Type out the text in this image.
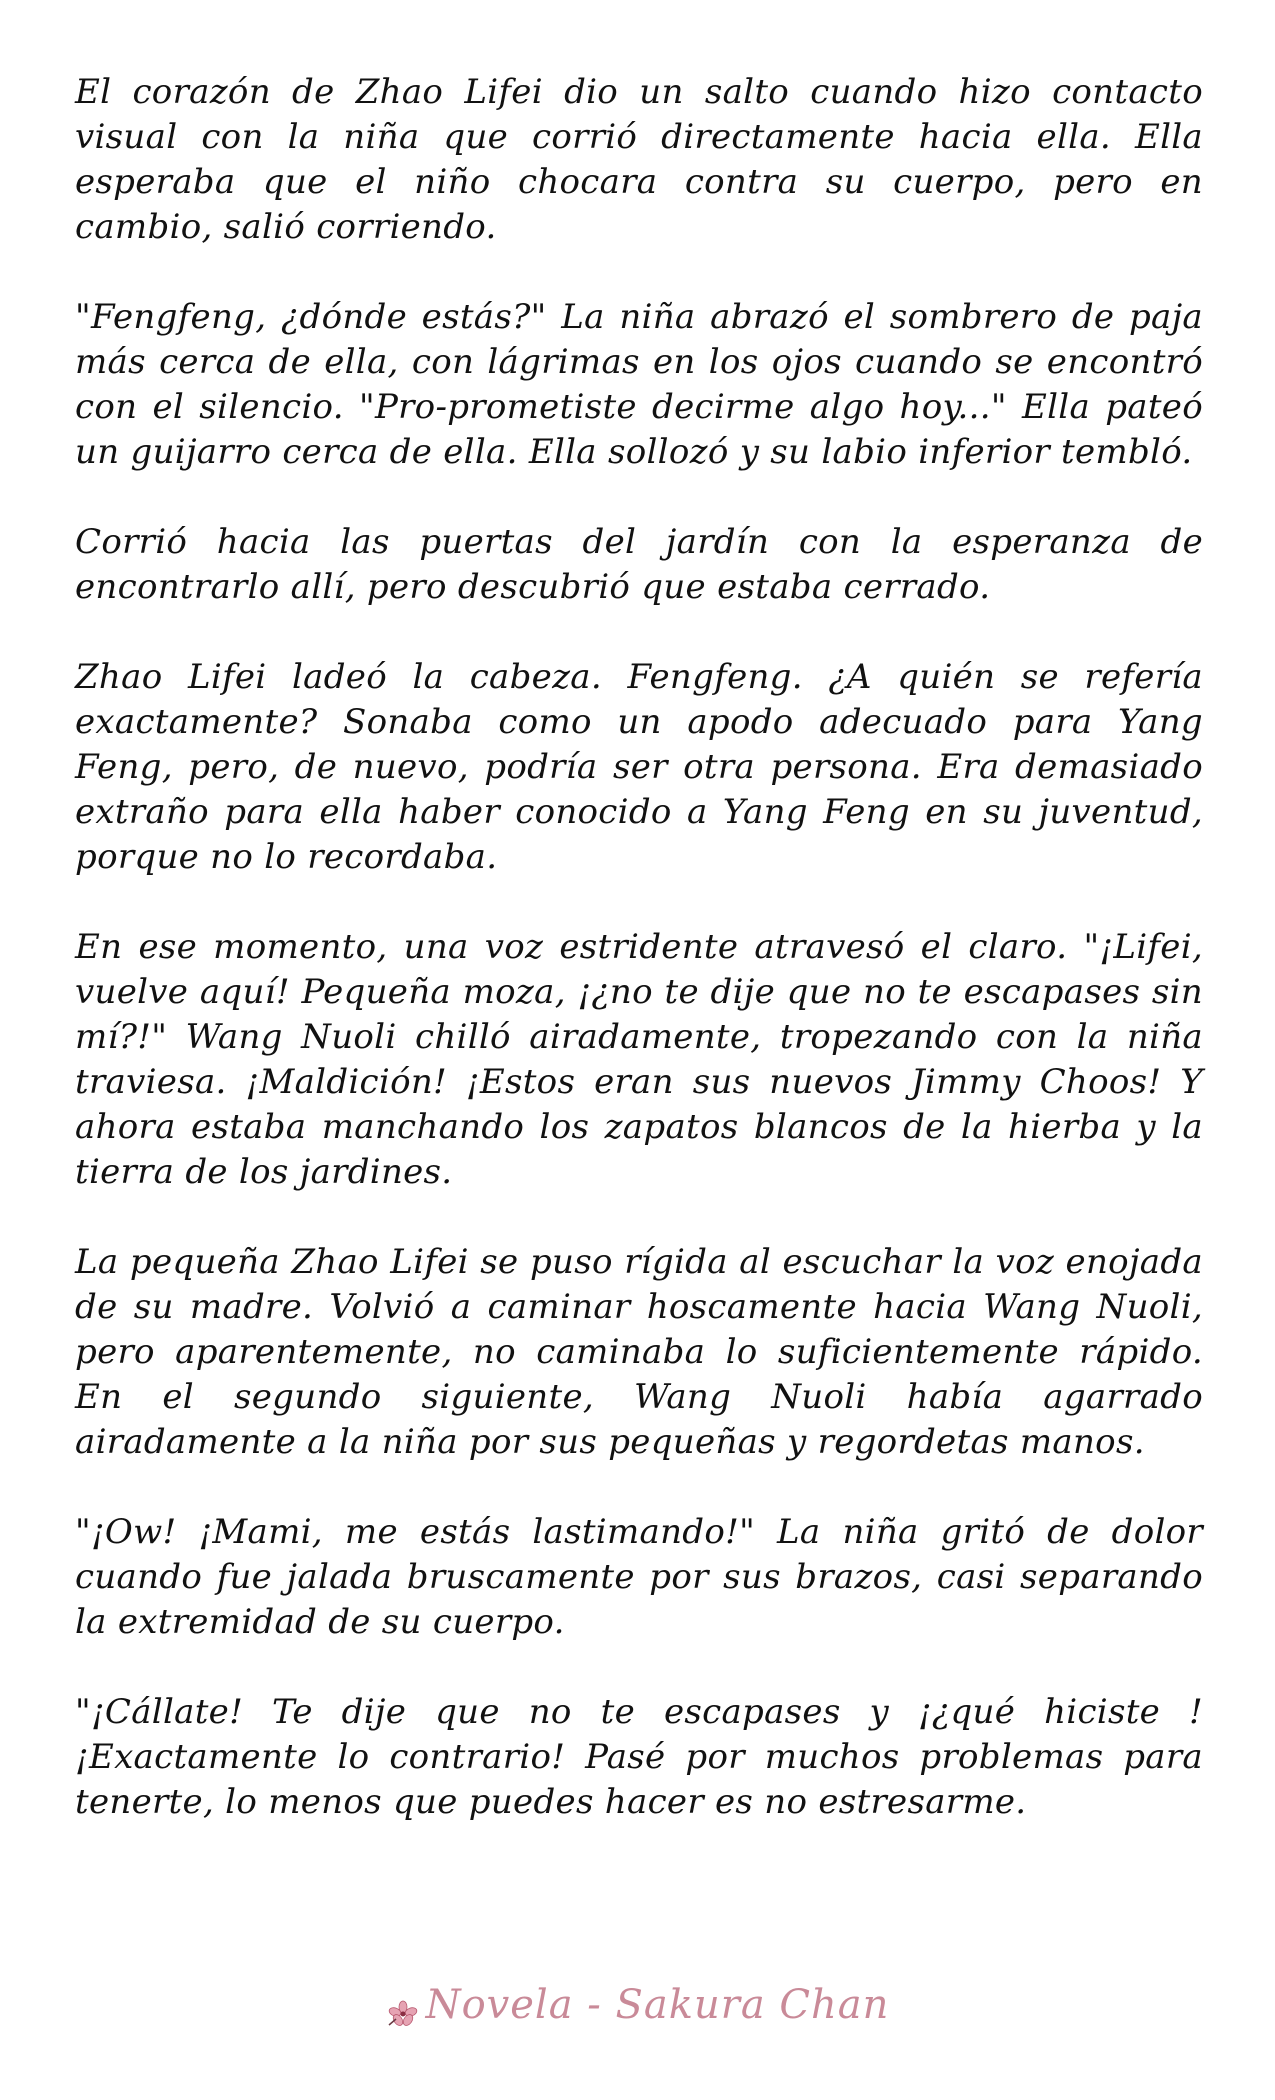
El corazón de Zhao Lifei dio un salto cuando hizo contacto visual con la niña que corrió directamente hacia ella. Ella esperaba que el niño chocara contra su cuerpo, pero en cambio, salió corriendo.

"Fengfeng, ¿dónde estás?" La niña abrazó el sombrero de paja más cerca de ella, con lágrimas en los ojos cuando se encontró con el silencio. "Pro-prometiste decirme algo hoy..." Ella pateó un guijarro cerca de ella. Ella sollozó y su labio inferior tembló.

Corrió hacia las puertas del jardín con la esperanza de encontrarlo allí, pero descubrió que estaba cerrado.

Zhao Lifei ladeó la cabeza. Fengfeng. ¿A quién se refería exactamente? Sonaba como un apodo adecuado para Yang Feng, pero, de nuevo, podría ser otra persona. Era demasiado extraño para ella haber conocido a Yang Feng en su juventud, porque no lo recordaba.

En ese momento, una voz estridente atravesó el claro. "¡Lifei, vuelve aquí! Pequeña moza, ¡¿no te dije que no te escapases sin mí?!" Wang Nuoli chilló airadamente, tropezando con la niña traviesa. ¡Maldición! ¡Estos eran sus nuevos Jimmy Choos! Y ahora estaba manchando los zapatos blancos de la hierba y la tierra de los jardines.

La pequeña Zhao Lifei se puso rígida al escuchar la voz enojada de su madre. Volvió a caminar hoscamente hacia Wang Nuoli, pero aparentemente, no caminaba lo suficientemente rápido. En el segundo siguiente, Wang Nuoli había agarrado airadamente a la niña por sus pequeñas y regordetas manos.

"¡Ow! ¡Mami, me estás lastimando!" La niña gritó de dolor cuando fue jalada bruscamente por sus brazos, casi separando la extremidad de su cuerpo.

"¡Cállate! Te dije que no te escapases y ¡¿qué hiciste ! ¡Exactamente lo contrario! Pasé por muchos problemas para tenerte, lo menos que puedes hacer es no estresarme.

Novela - Sakura Chan
